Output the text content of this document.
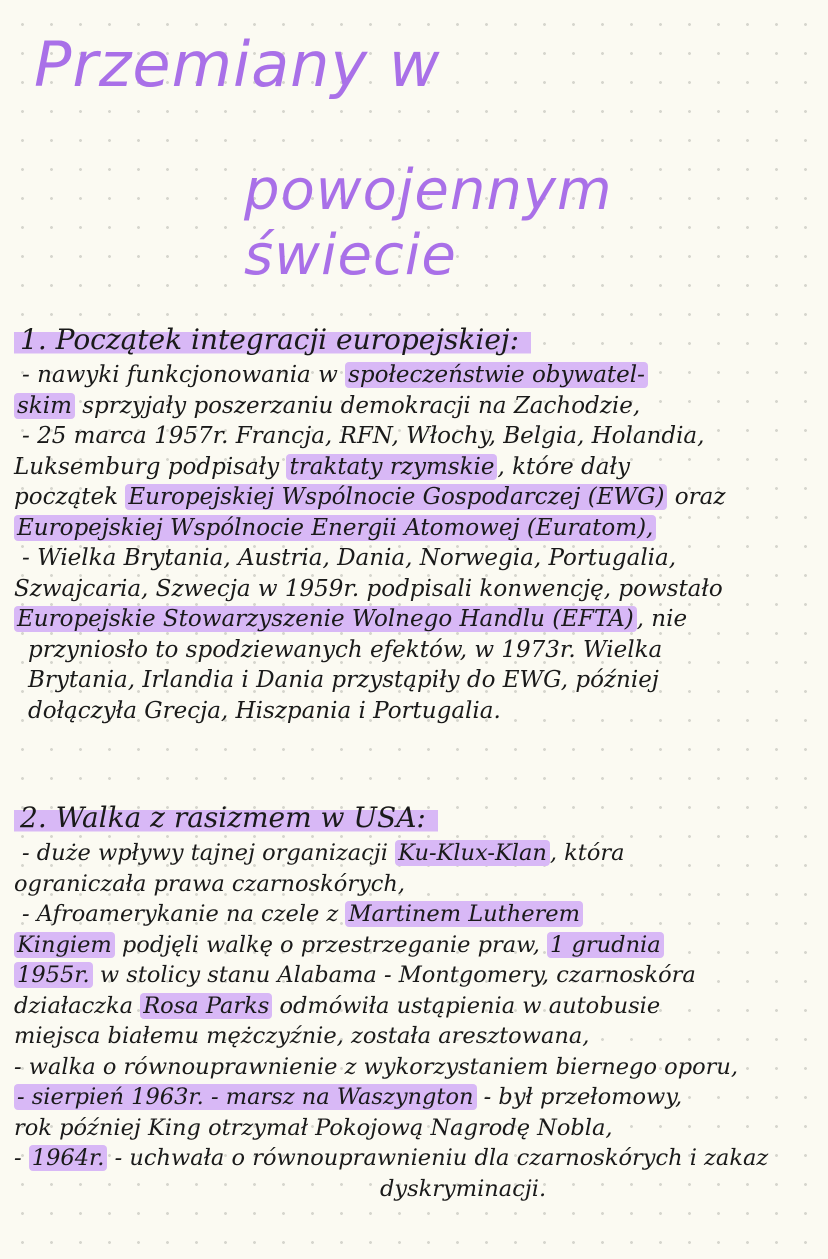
Przemiany w
powojennym świecie
1. Początek integracji europejskiej:

- nawyki funkcjonowania w społeczeństwie obywatel-

skim sprzyjały poszerzaniu demokracji na Zachodzie,

- 25 marca 1957r. Francja, RFN, Włochy, Belgia, Holandia,

Luksemburg podpisały traktaty rzymskie , które dały

początek Europejskiej Wspólnocie Gospodarczej (EWG) oraz

Europejskiej Wspólnocie Energii Atomowej (Euratom),

- Wielka Brytania, Austria, Dania, Norwegia, Portugalia,

Szwajcaria, Szwecja w 1959r. podpisali konwencję, powstało

Europejskie Stowarzyszenie Wolnego Handlu (EFTA) , nie

przyniosło to spodziewanych efektów, w 1973r. Wielka

Brytania, Irlandia i Dania przystąpiły do EWG, później

dołączyła Grecja, Hiszpania i Portugalia.

2. Walka z rasizmem w USA:

- duże wpływy tajnej organizacji Ku-Klux-Klan , która

ograniczała prawa czarnoskórych,

- Afroamerykanie na czele z Martinem Lutherem

Kingiem podjęli walkę o przestrzeganie praw, 1 grudnia

1955r. w stolicy stanu Alabama - Montgomery, czarnoskóra

działaczka Rosa Parks odmówiła ustąpienia w autobusie

miejsca białemu mężczyźnie, została aresztowana,

- walka o równouprawnienie z wykorzystaniem biernego oporu,

- sierpień 1963r. - marsz na Waszyngton - był przełomowy,

rok później King otrzymał Pokojową Nagrodę Nobla,

- 1964r. - uchwała o równouprawnieniu dla czarnoskórych i zakaz

dyskryminacji.
